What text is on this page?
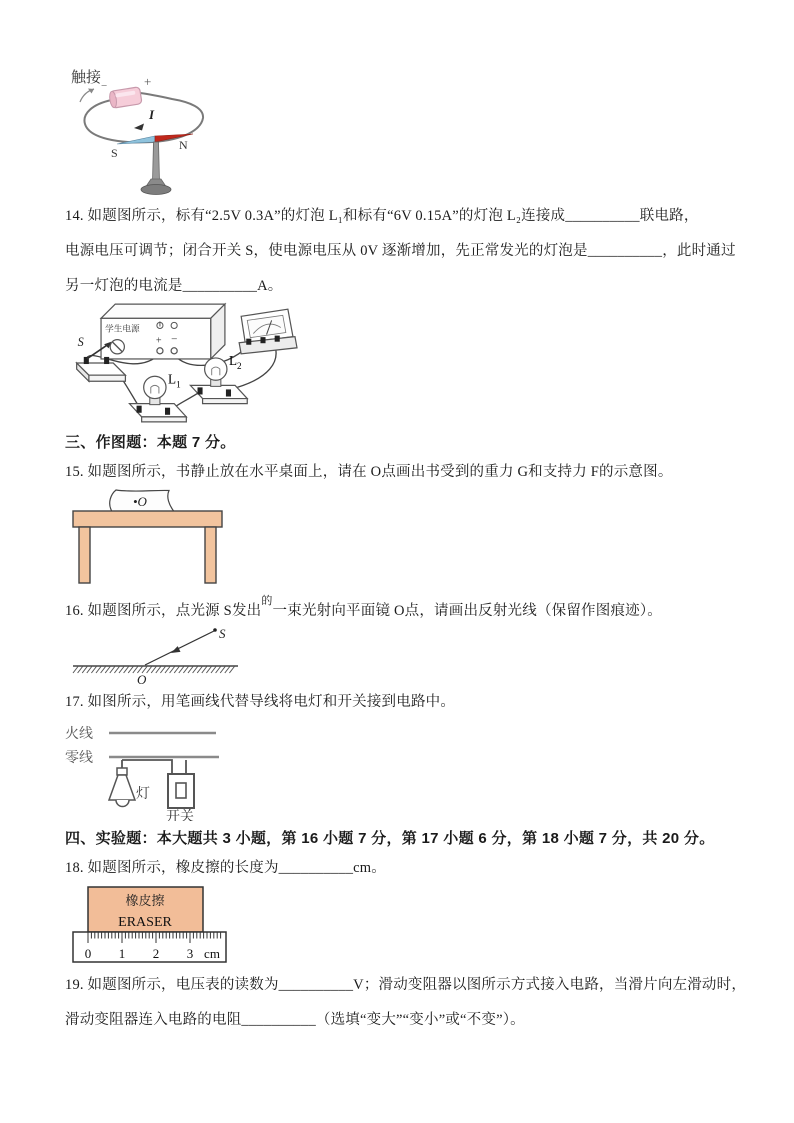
触接 −	+
I
S
N
14. 如题图所示，标有“2.5V 0.3A”的灯泡 L₁和标有“6V 0.15A”的灯泡 L₂连接成__________联电路，
电源电压可调节；闭合开关 S，使电源电压从 0V 逐渐增加，先正常发光的灯泡是__________，此时通过
另一灯泡的电流是__________A。
学生电源
+ −
S
$L_1$
$L_2$
三、作图题：本题 7 分。
15. 如题图所示，书静止放在水平桌面上，请在 O点画出书受到的重力 G和支持力 F的示意图。
•O
16. 如题图所示，点光源 S发出$^的$一束光射向平面镜 O点，请画出反射光线（保留作图痕迹）。
S
O
17. 如图所示，用笔画线代替导线将电灯和开关接到电路中。
火线
零线
灯
开关
四、实验题：本大题共 3 小题，第 16 小题 7 分，第 17 小题 6 分，第 18 小题 7 分，共 20 分。
18. 如题图所示，橡皮擦的长度为__________cm。
橡皮擦
ERASER
0 1 2 3 cm
19. 如题图所示，电压表的读数为__________V；滑动变阻器以图所示方式接入电路，当滑片向左滑动时，
滑动变阻器连入电路的电阻__________（选填“变大”“变小”或“不变”）。
